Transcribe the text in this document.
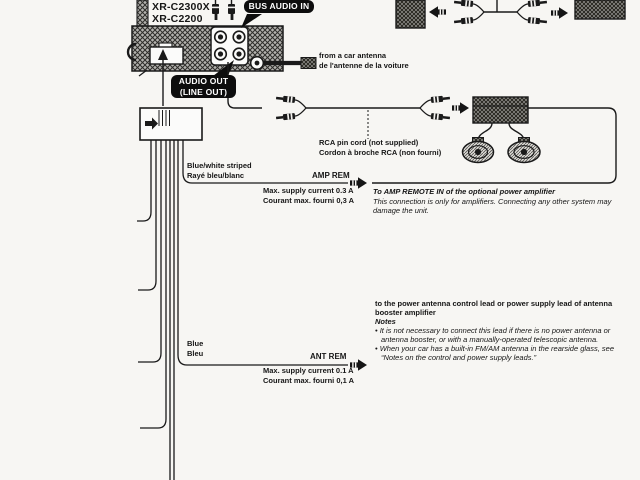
XR-C2300X
XR-C2200
BUS AUDIO IN
AUDIO OUT
(LINE OUT)
from a car antenna
de l'antenne de la voiture
RCA pin cord (not supplied)
Cordon à broche RCA (non fourni)
Blue/white striped
Rayé bleu/blanc	AMP REM
Max. supply current 0.3 A
Courant max. fourni 0,3 A
To AMP REMOTE IN of the optional power amplifier
This connection is only for amplifiers. Connecting any other system may
damage the unit.
to the power antenna control lead or power supply lead of antenna
booster amplifier
Notes
• It is not necessary to connect this lead if there is no power antenna or
antenna booster, or with a manually-operated telescopic antenna.
• When your car has a built-in FM/AM antenna in the rearside glass, see
“Notes on the control and power supply leads.”
Blue
Bleu	ANT REM
Max. supply current 0.1 A
Courant max. fourni 0,1 A
